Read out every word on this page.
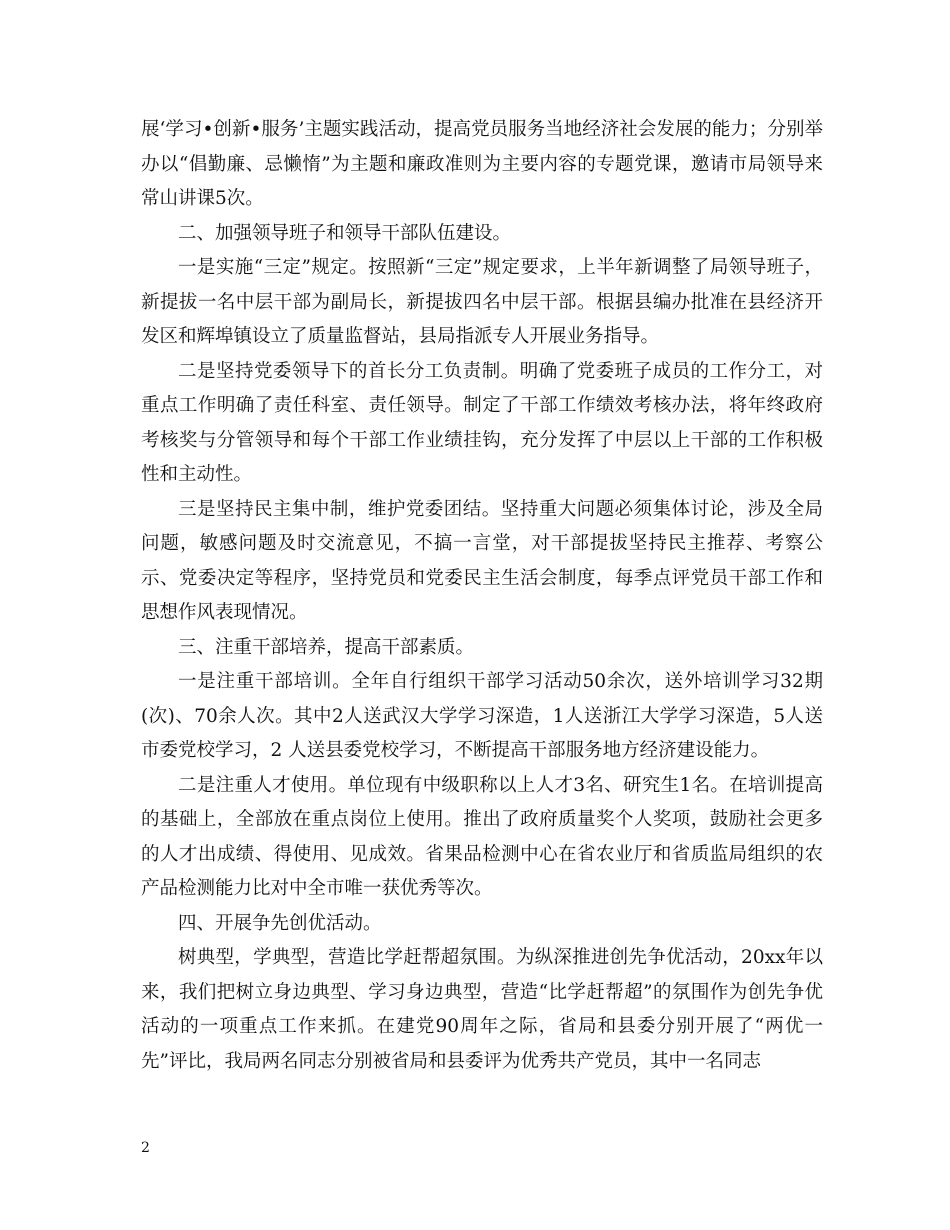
展‘学习•创新•服务’主题实践活动，提高党员服务当地经济社会发展的能力；分别举办以“倡勤廉、忌懒惰”为主题和廉政准则为主要内容的专题党课，邀请市局领导来常山讲课5次。

二、加强领导班子和领导干部队伍建设。

一是实施“三定”规定。按照新“三定”规定要求，上半年新调整了局领导班子，新提拔一名中层干部为副局长，新提拔四名中层干部。根据县编办批准在县经济开发区和辉埠镇设立了质量监督站，县局指派专人开展业务指导。

二是坚持党委领导下的首长分工负责制。明确了党委班子成员的工作分工，对重点工作明确了责任科室、责任领导。制定了干部工作绩效考核办法，将年终政府考核奖与分管领导和每个干部工作业绩挂钩，充分发挥了中层以上干部的工作积极性和主动性。

三是坚持民主集中制，维护党委团结。坚持重大问题必须集体讨论，涉及全局问题，敏感问题及时交流意见，不搞一言堂，对干部提拔坚持民主推荐、考察公示、党委决定等程序，坚持党员和党委民主生活会制度，每季点评党员干部工作和思想作风表现情况。

三、注重干部培养，提高干部素质。

一是注重干部培训。全年自行组织干部学习活动50余次，送外培训学习32期(次)、70余人次。其中2人送武汉大学学习深造，1人送浙江大学学习深造，5人送市委党校学习，2 人送县委党校学习，不断提高干部服务地方经济建设能力。

二是注重人才使用。单位现有中级职称以上人才3名、研究生1名。在培训提高的基础上，全部放在重点岗位上使用。推出了政府质量奖个人奖项，鼓励社会更多的人才出成绩、得使用、见成效。省果品检测中心在省农业厅和省质监局组织的农产品检测能力比对中全市唯一获优秀等次。

四、开展争先创优活动。

树典型，学典型，营造比学赶帮超氛围。为纵深推进创先争优活动，20xx年以来，我们把树立身边典型、学习身边典型，营造“比学赶帮超”的氛围作为创先争优活动的一项重点工作来抓。在建党90周年之际，省局和县委分别开展了“两优一先”评比，我局两名同志分别被省局和县委评为优秀共产党员，其中一名同志

2
